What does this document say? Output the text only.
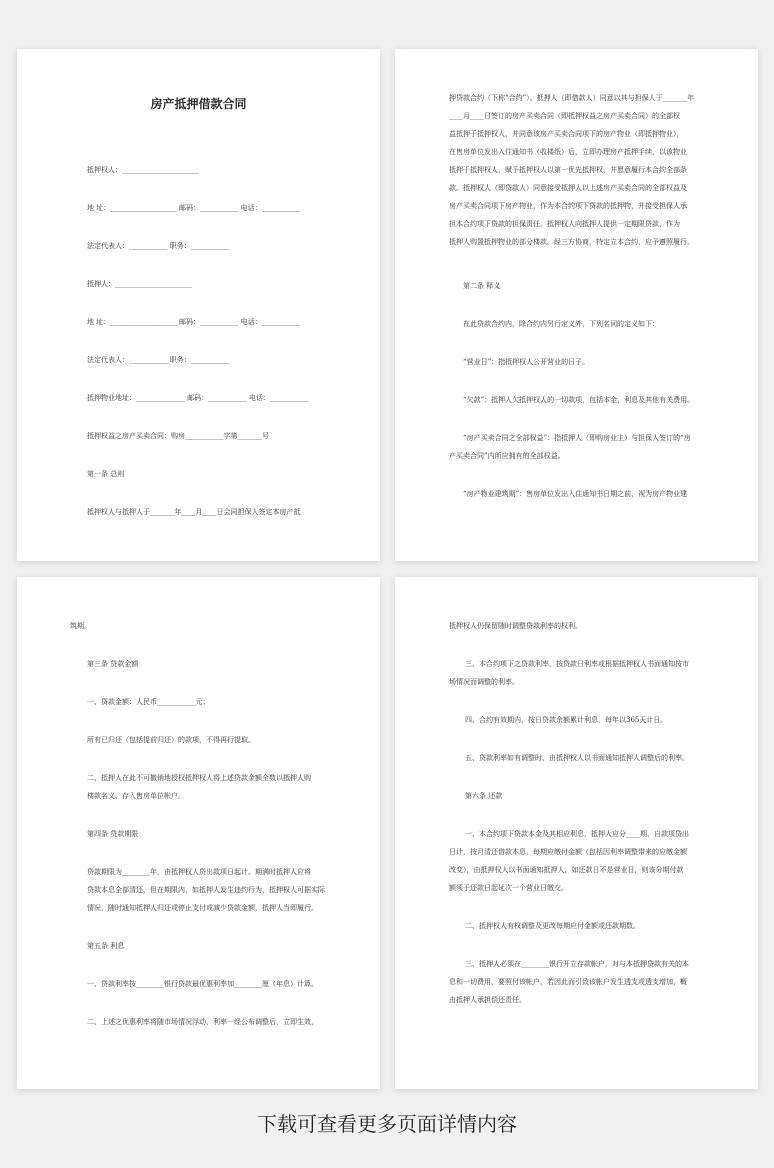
房产抵押借款合同
抵押权人：______________________
地 址：___________________ 邮码：___________ 电话：___________
法定代表人：___________ 职务：___________
抵押人：______________________
地 址：___________________ 邮码：___________ 电话：___________
法定代表人：___________ 职务：___________
抵押物业地址：______________ 邮码：___________ 电话：___________
抵押权益之房产买卖合同：购房___________字第_______号
第一条 总则
抵押权人与抵押人于_______年____月____日会同担保人签定本房产抵
押贷款合约（下称“合约”）。抵押人（即借款人）同意以其与担保人于_______年
____月____日签订的房产买卖合同（即抵押权益之房产买卖合同）的全部权
益抵押于抵押权人，并同意该房产买卖合同项下的房产物业（即抵押物业），
在售房单位发出入住通知书（收楼纸）后，立即办理房产抵押手续，以该物业
抵押于抵押权人，赋予抵押权人以第一优先抵押权，并愿意履行本合约全部条
款。抵押权人（即贷款人）同意接受抵押人以上述房产买卖合同的全部权益及
房产买卖合同项下房产物业，作为本合约项下贷款的抵押物，并接受担保人承
担本合约项下贷款的担保责任。抵押权人向抵押人提供一定期限贷款，作为
抵押人购置抵押物业的部分楼款。经三方协商，特定立本合约，应予遵照履行。
第二条 释义
在此贷款合约内，除合约内另行定义外，下列名词的定义如下：
“营业日”：指抵押权人公开营业的日子。
“欠款”：抵押人欠抵押权人的一切款项，包括本金，利息及其他有关费用。
“房产买卖合同之全部权益”：指抵押人（即购房业主）与担保人签订的“房
产买卖合同”内所应拥有的全部权益。
“房产物业建筑期”：售房单位发出入住通知书日期之前，视为房产物业建
筑期。
第三条 贷款金额
一、贷款金额：人民币___________元；
所有已归还（包括提前归还）的款项，不得再行提取。
二、抵押人在此不可撤销地授权抵押权人将上述贷款金额全数以抵押人购
楼款名义，存入售房单位帐户。
第四条 贷款期限
贷款期限为________年，由抵押权人贷出款项日起计。期满时抵押人应将
贷款本息全部清还，但在期限内，如抵押人发生违约行为，抵押权人可据实际
情况，随时通知抵押人归还或停止支付或减少贷款金额，抵押人当即履行。
第五条 利息
一、贷款利率按________银行贷款最优惠利率加________厘（年息）计算。
二、上述之优惠利率将随市场情况浮动，利率一经公布调整后，立即生效，
抵押权人仍保留随时调整贷款利率的权利。
三、本合约项下之贷款利率，按贷款日利率或根据抵押权人书面通知按市
场情况而调整的利率。
四、合约有效期内，按日贷款余额累计利息，每年以365天计日。
五、贷款利率如有调整时，由抵押权人以书面通知抵押人调整后的利率。
第六条 还款
一、本合约项下贷款本金及其相应利息，抵押人应分____期，自款项贷出
日计，按月清还借款本息，每期应缴付金额（包括因利率调整带来的应缴金额
改变），由抵押权人以书面通知抵押人，如还款日不是营业日，则该分期付款
额须于还款日起延次一个营业日缴交。
二、抵押权人有权调整及更改每期应付金额或还款期数。
三、抵押人必须在________银行开立存款帐户，对与本抵押贷款有关的本
息和一切费用，要照付该帐户，若因此而引致该帐户发生透支或透支增加，概
由抵押人承担偿还责任。
下载可查看更多页面详情内容
